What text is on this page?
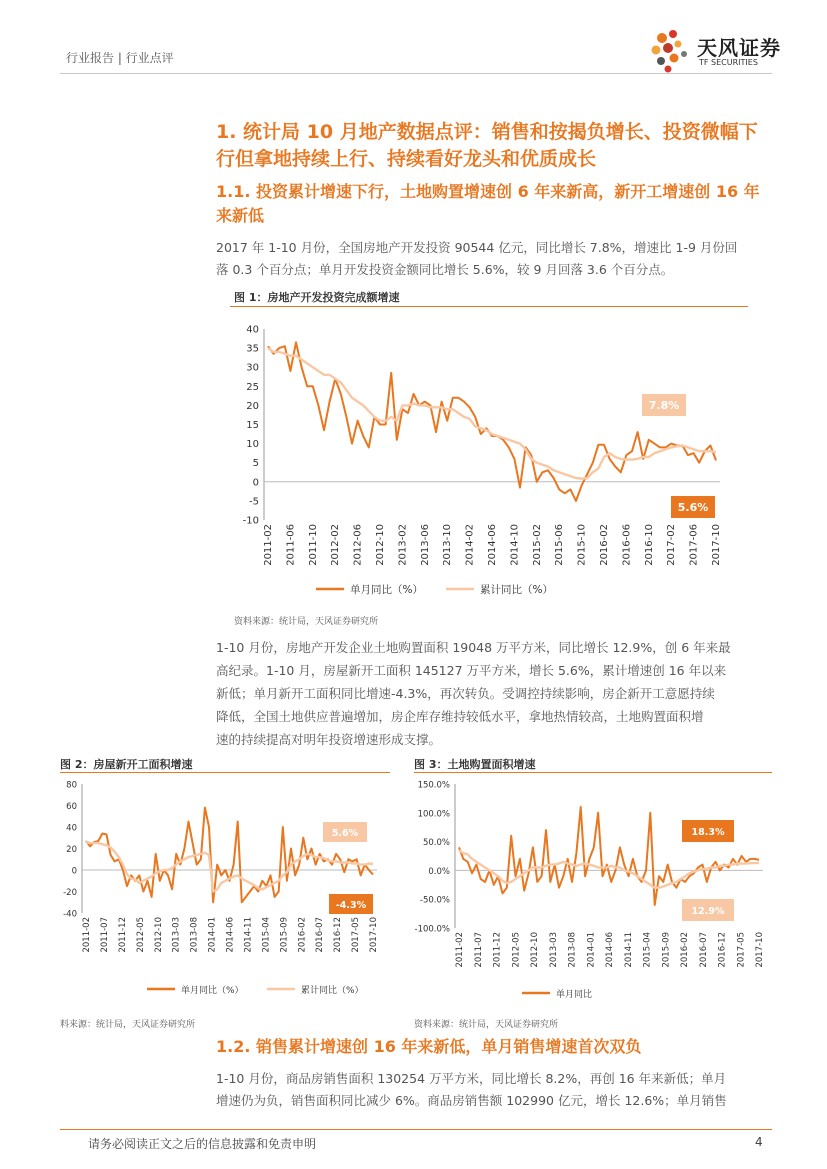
行业报告 | 行业点评	天风证券
TF SECURITIES
1. 统计局 10 月地产数据点评：销售和按揭负增长、投资微幅下
行但拿地持续上行、持续看好龙头和优质成长
1.1. 投资累计增速下行，土地购置增速创 6 年来新高，新开工增速创 16 年
来新低
2017 年 1-10 月份，全国房地产开发投资 90544 亿元，同比增长 7.8%，增速比 1-9 月份回
落 0.3 个百分点；单月开发投资金额同比增长 5.6%，较 9 月回落 3.6 个百分点。
图 1：房地产开发投资完成额增速
40
35
30
25
20
15
10
5
0
-5
-10
2011-02 2011-06 2011-10 2012-02 2012-06 2012-10 2013-02 2013-06 2013-10 2014-02 2014-06 2014-10 2015-02 2015-06 2015-10 2016-02 2016-06 2016-10 2017-02 2017-06 2017-10
单月同比（%）	累计同比（%）
7.8%
5.6%
资料来源：统计局，天风证券研究所
1-10 月份，房地产开发企业土地购置面积 19048 万平方米，同比增长 12.9%，创 6 年来最
高纪录。1-10 月，房屋新开工面积 145127 万平方米，增长 5.6%，累计增速创 16 年以来
新低；单月新开工面积同比增速-4.3%，再次转负。受调控持续影响，房企新开工意愿持续
降低，全国土地供应普遍增加，房企库存维持较低水平，拿地热情较高，土地购置面积增
速的持续提高对明年投资增速形成支撑。
图 2：房屋新开工面积增速
80
60
40
20
0
-20
-40
2011-02 2011-07 2011-12 2012-05 2012-10 2013-03 2013-08 2014-01 2014-06 2014-11 2015-04 2015-09 2016-02 2016-07 2016-12 2017-05 2017-10
单月同比（%）	累计同比（%）
5.6%
-4.3%
料来源：统计局，天风证券研究所
图 3：土地购置面积增速
150.0%
100.0%
50.0%
0.0%
-50.0%
-100.0%
2011-02 2011-07 2011-12 2012-05 2012-10 2013-03 2013-08 2014-01 2014-06 2014-11 2015-04 2015-09 2016-02 2016-07 2016-12 2017-05 2017-10
单月同比
18.3%
12.9%
资料来源：统计局，天风证券研究所
1.2. 销售累计增速创 16 年来新低，单月销售增速首次双负
1-10 月份，商品房销售面积 130254 万平方米，同比增长 8.2%，再创 16 年来新低；单月
增速仍为负，销售面积同比减少 6%。商品房销售额 102990 亿元，增长 12.6%；单月销售
请务必阅读正文之后的信息披露和免责申明	4
